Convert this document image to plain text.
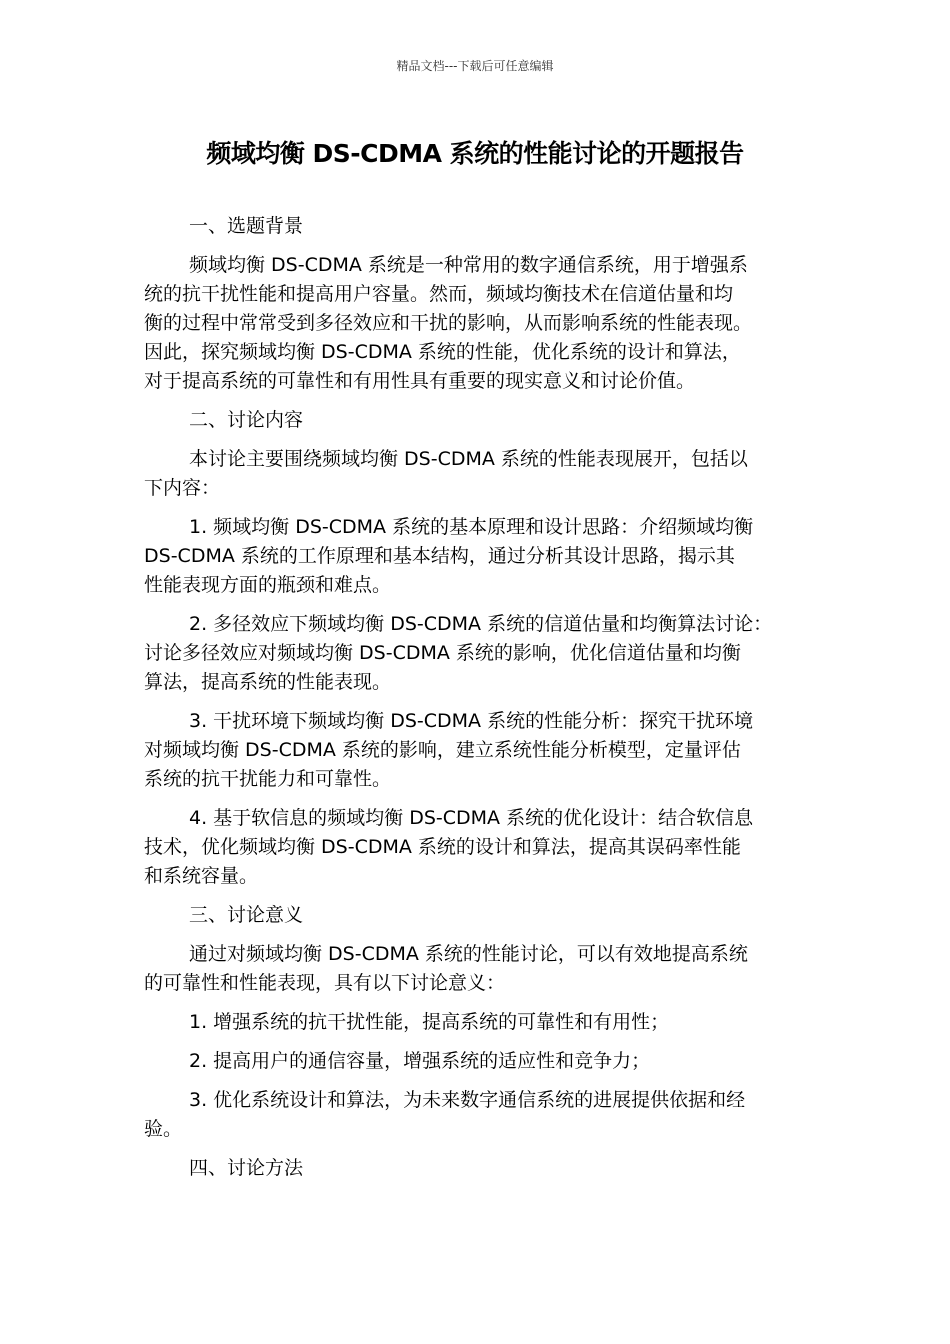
精品文档---下载后可任意编辑
频域均衡 DS-CDMA 系统的性能讨论的开题报告

一、选题背景

频域均衡 DS-CDMA 系统是一种常用的数字通信系统，用于增强系
统的抗干扰性能和提高用户容量。然而，频域均衡技术在信道估量和均
衡的过程中常常受到多径效应和干扰的影响，从而影响系统的性能表现。
因此，探究频域均衡 DS-CDMA 系统的性能，优化系统的设计和算法，
对于提高系统的可靠性和有用性具有重要的现实意义和讨论价值。

二、讨论内容

本讨论主要围绕频域均衡 DS-CDMA 系统的性能表现展开，包括以
下内容：

1. 频域均衡 DS-CDMA 系统的基本原理和设计思路：介绍频域均衡
DS-CDMA 系统的工作原理和基本结构，通过分析其设计思路，揭示其
性能表现方面的瓶颈和难点。

2. 多径效应下频域均衡 DS-CDMA 系统的信道估量和均衡算法讨论：
讨论多径效应对频域均衡 DS-CDMA 系统的影响，优化信道估量和均衡
算法，提高系统的性能表现。

3. 干扰环境下频域均衡 DS-CDMA 系统的性能分析：探究干扰环境
对频域均衡 DS-CDMA 系统的影响，建立系统性能分析模型，定量评估
系统的抗干扰能力和可靠性。

4. 基于软信息的频域均衡 DS-CDMA 系统的优化设计：结合软信息
技术，优化频域均衡 DS-CDMA 系统的设计和算法，提高其误码率性能
和系统容量。

三、讨论意义

通过对频域均衡 DS-CDMA 系统的性能讨论，可以有效地提高系统
的可靠性和性能表现，具有以下讨论意义：

1. 增强系统的抗干扰性能，提高系统的可靠性和有用性；

2. 提高用户的通信容量，增强系统的适应性和竞争力；

3. 优化系统设计和算法，为未来数字通信系统的进展提供依据和经
验。

四、讨论方法
